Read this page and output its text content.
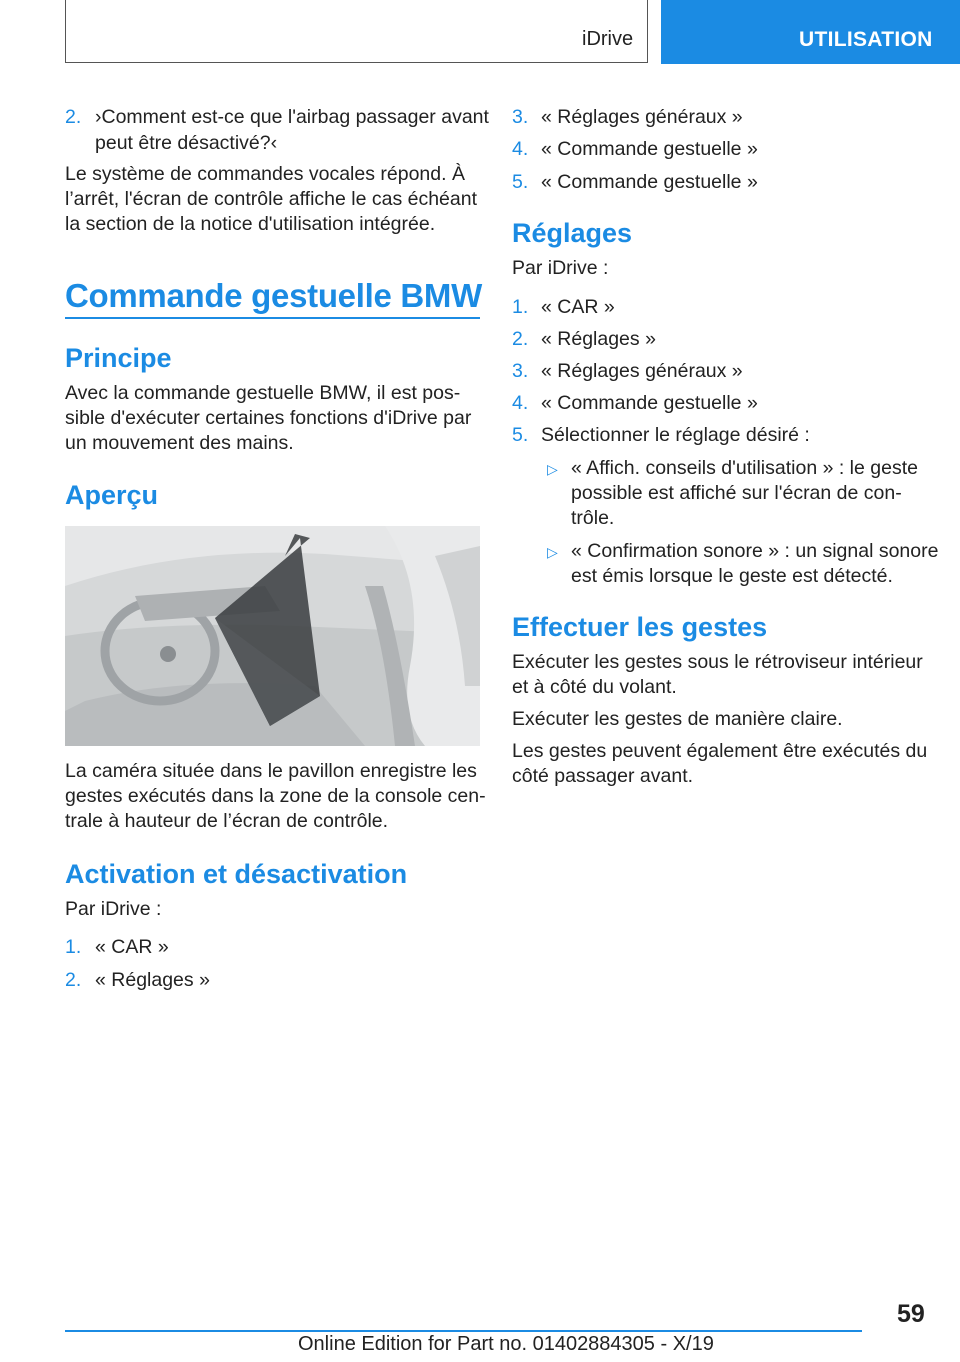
iDrive	UTILISATION
2. ›Comment est-ce que l'airbag passager avant
peut être désactivé?‹
Le système de commandes vocales répond. À
l’arrêt, l'écran de contrôle affiche le cas échéant
la section de la notice d'utilisation intégrée.
Commande gestuelle BMW
Principe
Avec la commande gestuelle BMW, il est pos-
sible d'exécuter certaines fonctions d'iDrive par
un mouvement des mains.
Aperçu
La caméra située dans le pavillon enregistre les
gestes exécutés dans la zone de la console cen-
trale à hauteur de l’écran de contrôle.
Activation et désactivation
Par iDrive :
1. « CAR »
2. « Réglages »
3. « Réglages généraux »
4. « Commande gestuelle »
5. « Commande gestuelle »
Réglages
Par iDrive :
1. « CAR »
2. « Réglages »
3. « Réglages généraux »
4. « Commande gestuelle »
5. Sélectionner le réglage désiré :
▷ « Affich. conseils d'utilisation » : le geste
possible est affiché sur l'écran de con-
trôle.
▷ « Confirmation sonore » : un signal sonore
est émis lorsque le geste est détecté.
Effectuer les gestes
Exécuter les gestes sous le rétroviseur intérieur
et à côté du volant.
Exécuter les gestes de manière claire.
Les gestes peuvent également être exécutés du
côté passager avant.
59
Online Edition for Part no. 01402884305 - X/19
